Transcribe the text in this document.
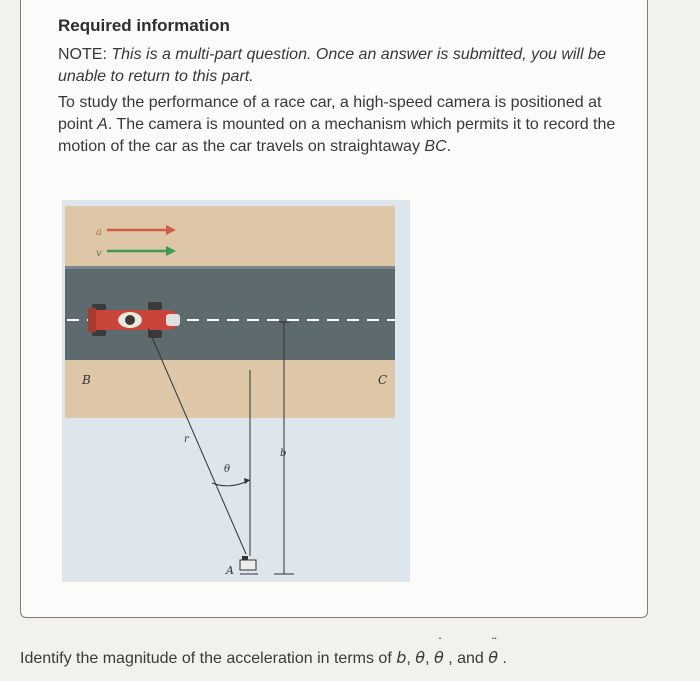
Required information
NOTE: This is a multi-part question. Once an answer is submitted, you will be unable to return to this part.
To study the performance of a race car, a high-speed camera is positioned at point A. The camera is mounted on a mechanism which permits it to record the motion of the car as the car travels on straightaway BC.
a
v
B	C
r
b
θ
A
Identify the magnitude of the acceleration in terms of b, θ, ˙ θ , and ¨ θ .
